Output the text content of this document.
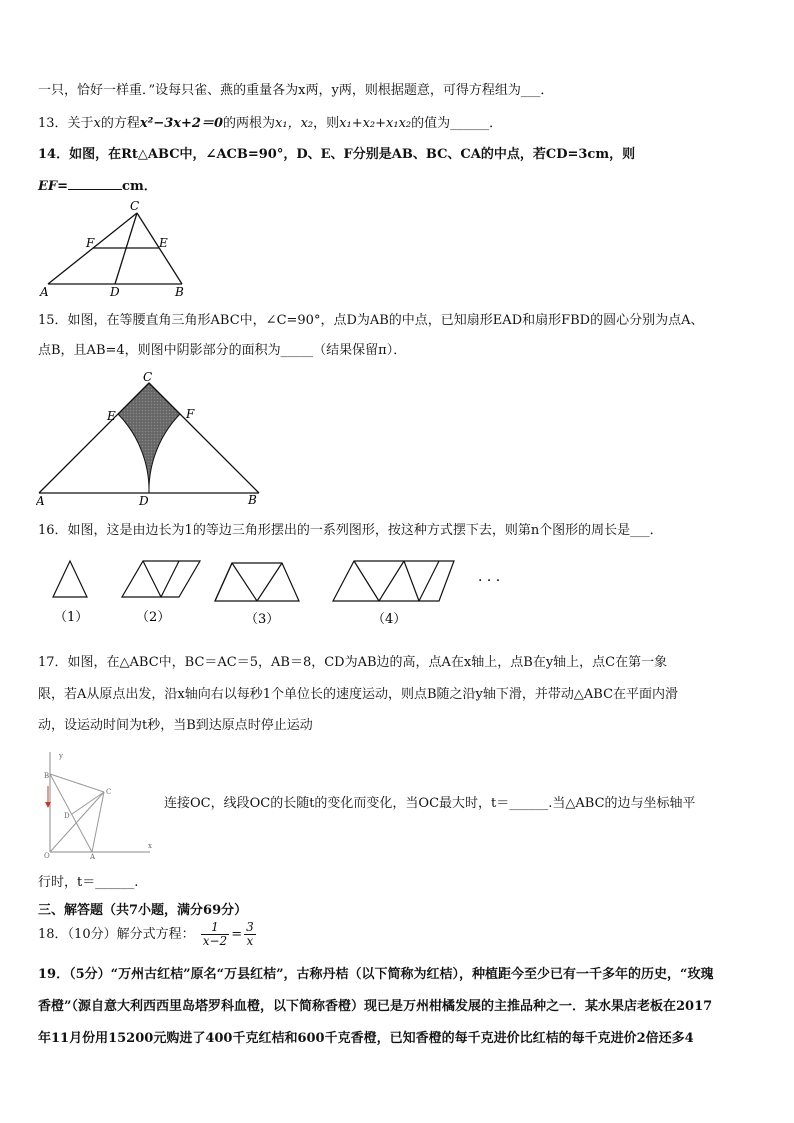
一只，恰好一样重．”设每只雀、燕的重量各为x两，y两，则根据题意，可得方程组为___．
13．关于x的方程x²−3x+2＝0的两根为x₁，x₂，则x₁+x₂+x₁x₂的值为______．
14．如图，在Rt△ABC中，∠ACB=90°，D、E、F分别是AB、BC、CA的中点，若CD=3cm，则
EF=	cm．
C
F	E
A	D	B
15．如图，在等腰直角三角形ABC中，∠C=90°，点D为AB的中点，已知扇形EAD和扇形FBD的圆心分别为点A、
点B，且AB=4，则图中阴影部分的面积为_____（结果保留π）．
C
E	F
A	D	B
16．如图，这是由边长为1的等边三角形摆出的一系列图形，按这种方式摆下去，则第n个图形的周长是___．
（1）	（2）	（3）	（4）
· · ·
17．如图，在△ABC中，BC＝AC＝5，AB＝8，CD为AB边的高，点A在x轴上，点B在y轴上，点C在第一象
限，若A从原点出发，沿x轴向右以每秒1个单位长的速度运动，则点B随之沿y轴下滑，并带动△ABC在平面内滑
动，设运动时间为t秒，当B到达原点时停止运动
y
B
C
D
O	A
x
连接OC，线段OC的长随t的变化而变化，当OC最大时，t＝______.当△ABC的边与坐标轴平
行时，t＝______.
三、解答题（共7小题，满分69分）
18．（10分）解分式方程： $\frac{1}{x-2} = \frac{3}{x}$
19．（5分）“万州古红桔”原名“万县红桔”，古称丹桔（以下简称为红桔），种植距今至少已有一千多年的历史，“玫瑰
香橙”（源自意大利西西里岛塔罗科血橙，以下简称香橙）现已是万州柑橘发展的主推品种之一．某水果店老板在2017
年11月份用15200元购进了400千克红桔和600千克香橙，已知香橙的每千克进价比红桔的每千克进价2倍还多4
